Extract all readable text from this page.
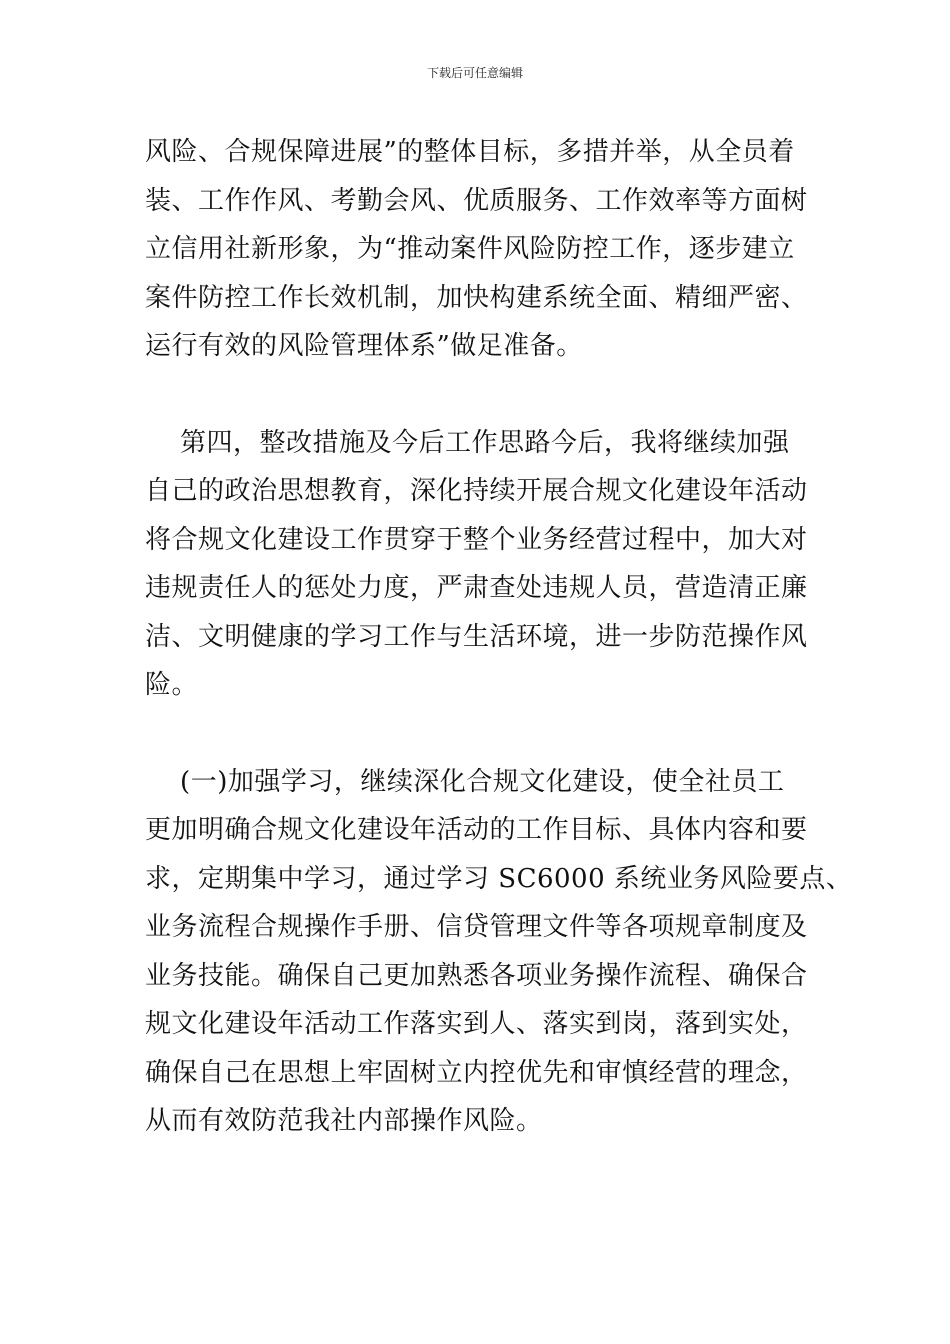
下载后可任意编辑

风险、合规保障进展”的整体目标，多措并举，从全员着
装、工作作风、考勤会风、优质服务、工作效率等方面树
立信用社新形象，为“推动案件风险防控工作，逐步建立
案件防控工作长效机制，加快构建系统全面、精细严密、
运行有效的风险管理体系”做足准备。

第四，整改措施及今后工作思路今后，我将继续加强
自己的政治思想教育，深化持续开展合规文化建设年活动
将合规文化建设工作贯穿于整个业务经营过程中，加大对
违规责任人的惩处力度，严肃查处违规人员，营造清正廉
洁、文明健康的学习工作与生活环境，进一步防范操作风
险。

(一)加强学习，继续深化合规文化建设，使全社员工
更加明确合规文化建设年活动的工作目标、具体内容和要
求，定期集中学习，通过学习 SC6000 系统业务风险要点、
业务流程合规操作手册、信贷管理文件等各项规章制度及
业务技能。确保自己更加熟悉各项业务操作流程、确保合
规文化建设年活动工作落实到人、落实到岗，落到实处，
确保自己在思想上牢固树立内控优先和审慎经营的理念，
从而有效防范我社内部操作风险。
